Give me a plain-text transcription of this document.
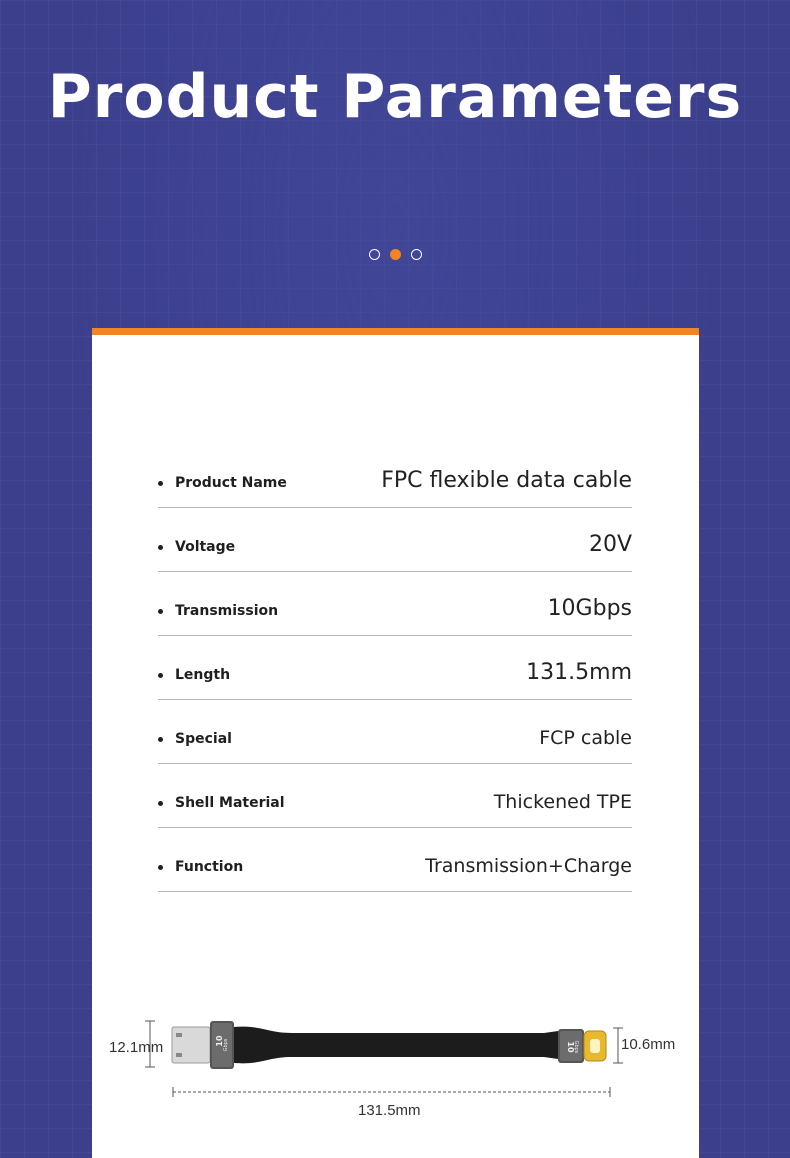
Product Parameters
Product Name	FPC flexible data cable
Voltage	20V
Transmission	10Gbps
Length	131.5mm
Special	FCP cable
Shell Material	Thickened TPE
Function	Transmission+Charge
10 Gbps	10
Gbps
12.1mm	10.6mm
131.5mm
